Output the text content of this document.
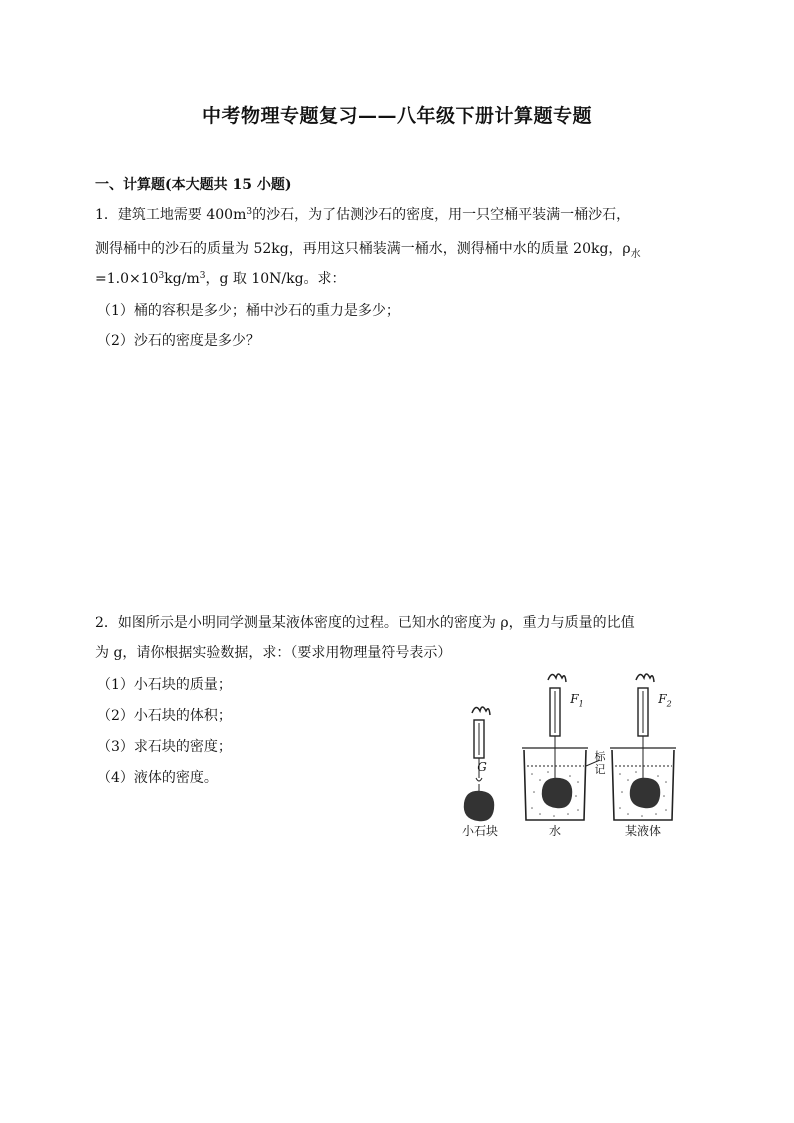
中考物理专题复习——八年级下册计算题专题
一、计算题(本大题共 15 小题)
1．建筑工地需要 $400m^3$的沙石，为了估测沙石的密度，用一只空桶平装满一桶沙石，
测得桶中的沙石的质量为 52kg，再用这只桶装满一桶水，测得桶中水的质量 20kg，$\rho_水$
$=1.0\times 10^3kg/m^3$，g 取 10N/kg。求：
（1）桶的容积是多少；桶中沙石的重力是多少；
（2）沙石的密度是多少？
2．如图所示是小明同学测量某液体密度的过程。已知水的密度为 ρ，重力与质量的比值
为 g，请你根据实验数据，求：（要求用物理量符号表示）
（1）小石块的质量；
（2）小石块的体积；
（3）求石块的密度；
（4）液体的密度。
G
$F_1$	$F_2$
标记
小石块	水	某液体
